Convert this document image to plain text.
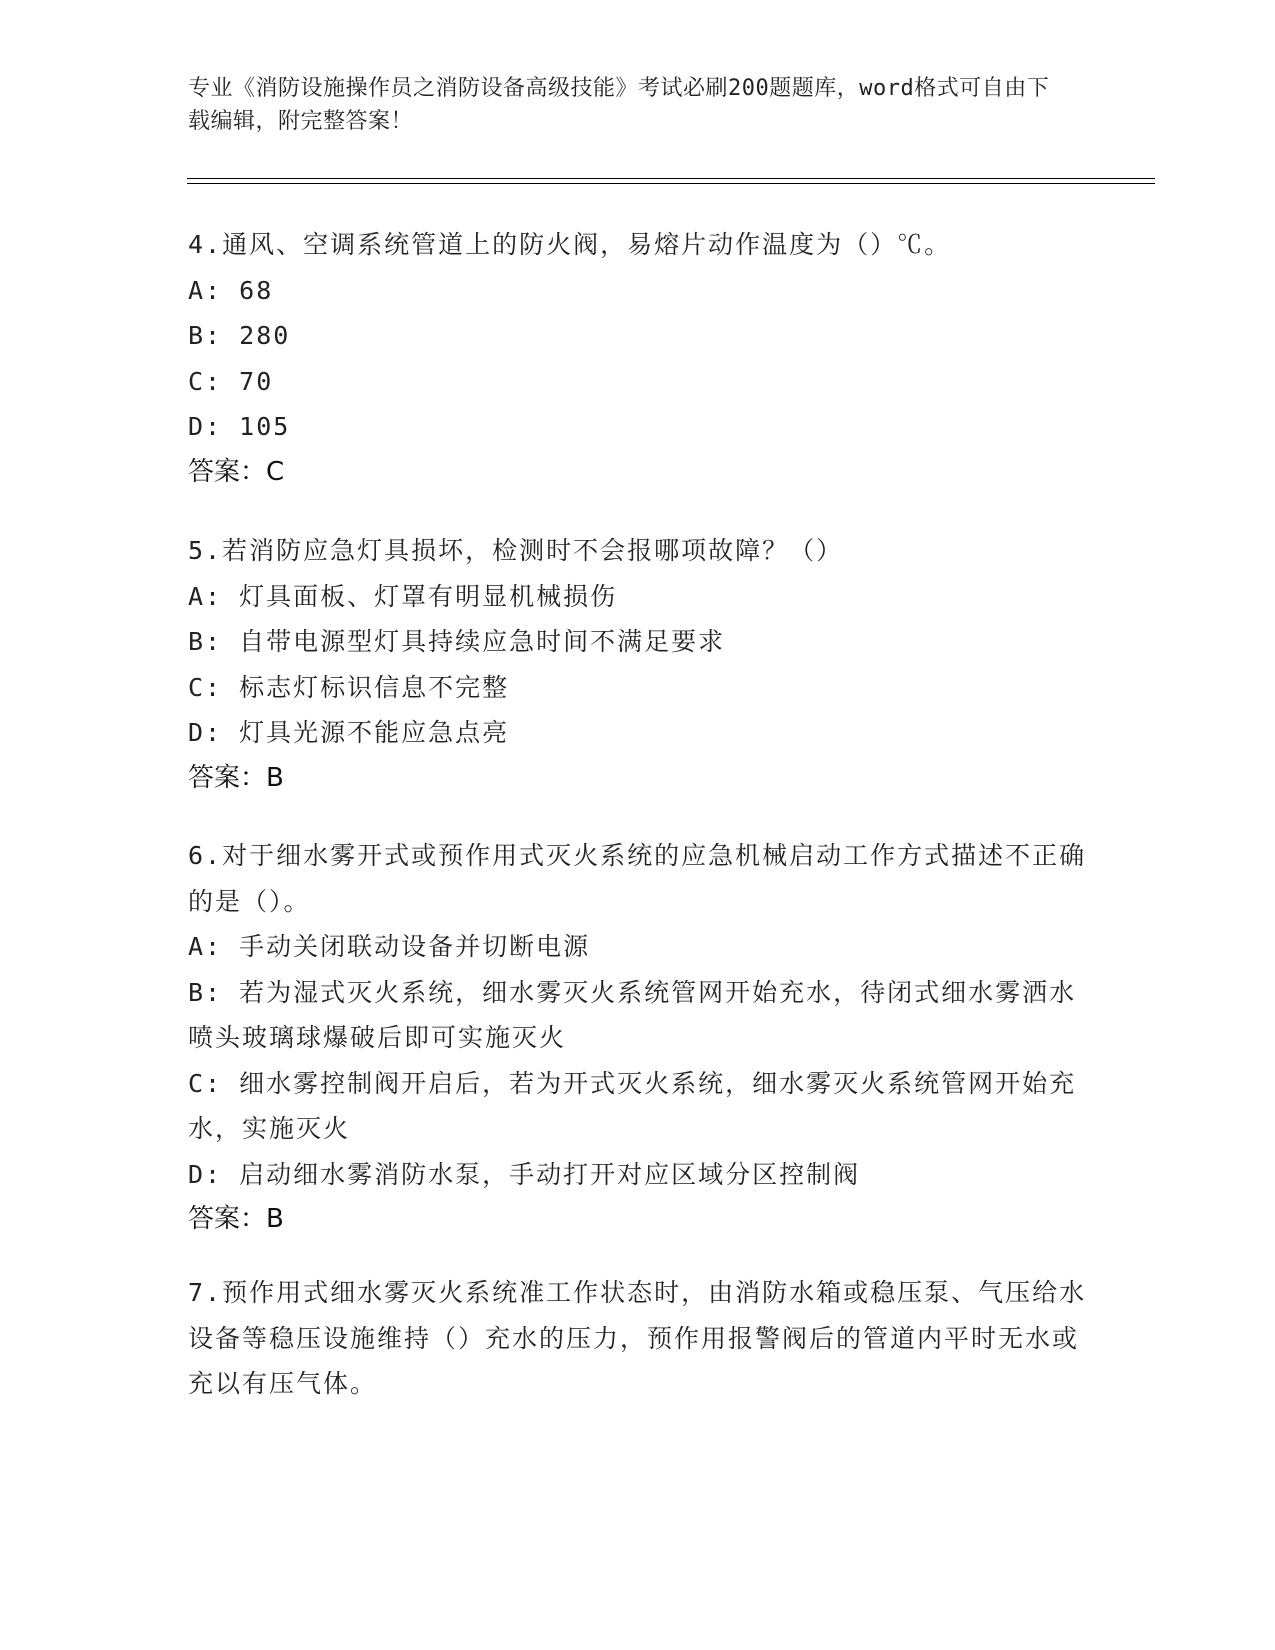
专业《消防设施操作员之消防设备高级技能》考试必刷200题题库，word格式可自由下载编辑，附完整答案！

4.通风、空调系统管道上的防火阀，易熔片动作温度为（）℃。

A: 68

B: 280

C: 70

D: 105

答案：C

5.若消防应急灯具损坏，检测时不会报哪项故障？（）

A: 灯具面板、灯罩有明显机械损伤

B: 自带电源型灯具持续应急时间不满足要求

C: 标志灯标识信息不完整

D: 灯具光源不能应急点亮

答案：B

6.对于细水雾开式或预作用式灭火系统的应急机械启动工作方式描述不正确的是（）。

A: 手动关闭联动设备并切断电源

B: 若为湿式灭火系统，细水雾灭火系统管网开始充水，待闭式细水雾洒水喷头玻璃球爆破后即可实施灭火

C: 细水雾控制阀开启后，若为开式灭火系统，细水雾灭火系统管网开始充水，实施灭火

D: 启动细水雾消防水泵，手动打开对应区域分区控制阀

答案：B

7.预作用式细水雾灭火系统准工作状态时，由消防水箱或稳压泵、气压给水设备等稳压设施维持（）充水的压力，预作用报警阀后的管道内平时无水或充以有压气体。
